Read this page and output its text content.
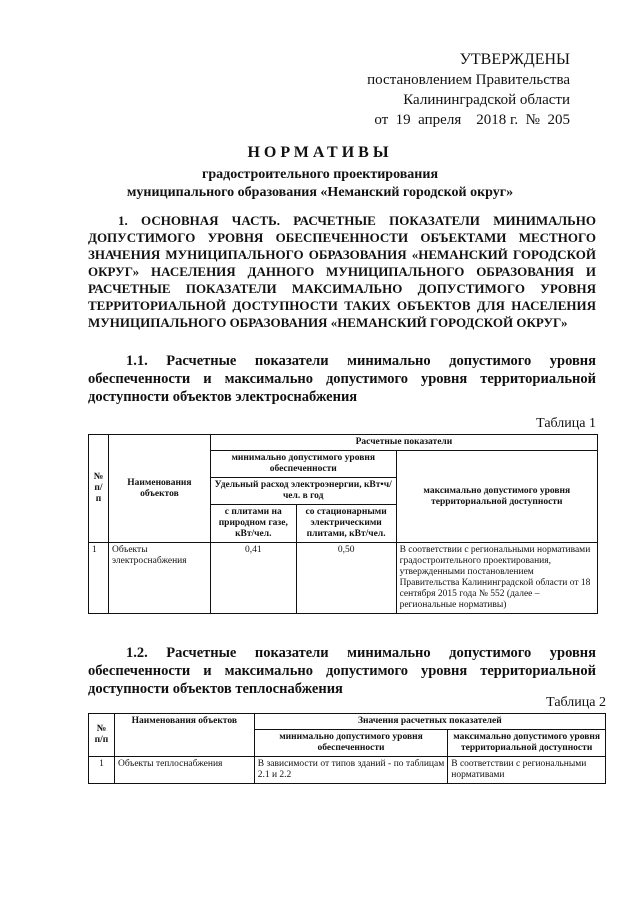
УТВЕРЖДЕНЫ
постановлением Правительства
Калининградской области
от  19  апреля    2018 г.  №  205
НОРМАТИВЫ
градостроительного проектирования
муниципального образования «Неманский городской округ»
1. ОСНОВНАЯ ЧАСТЬ. РАСЧЕТНЫЕ ПОКАЗАТЕЛИ МИНИМАЛЬНО ДОПУСТИМОГО УРОВНЯ ОБЕСПЕЧЕННОСТИ ОБЪЕКТАМИ МЕСТНОГО ЗНАЧЕНИЯ МУНИЦИПАЛЬНОГО ОБРАЗОВАНИЯ «НЕМАНСКИЙ ГОРОДСКОЙ ОКРУГ» НАСЕЛЕНИЯ ДАННОГО МУНИЦИПАЛЬНОГО ОБРАЗОВАНИЯ И РАСЧЕТНЫЕ ПОКАЗАТЕЛИ МАКСИМАЛЬНО ДОПУСТИМОГО УРОВНЯ ТЕРРИТОРИАЛЬНОЙ ДОСТУПНОСТИ ТАКИХ ОБЪЕКТОВ ДЛЯ НАСЕЛЕНИЯ МУНИЦИПАЛЬНОГО ОБРАЗОВАНИЯ «НЕМАНСКИЙ ГОРОДСКОЙ ОКРУГ»
1.1. Расчетные показатели минимально допустимого уровня обеспеченности и максимально допустимого уровня территориальной доступности объектов электроснабжения
Таблица 1
№ п/п	Наименования объектов	Расчетные показатели		
		минимально допустимого уровня обеспеченности		максимально допустимого уровня территориальной доступности
		Удельный расход электроэнергии, кВт•ч/чел. в год		
		с плитами на природном газе, кВт/чел.	со стационарными электрическими плитами, кВт/чел.	
1	Объекты электроснабжения	0,41	0,50	В соответствии с региональными нормативами градостроительного проектирования, утвержденными постановлением Правительства Калининградской области от 18 сентября 2015 года № 552 (далее – региональные нормативы)
1.2. Расчетные показатели минимально допустимого уровня обеспеченности и максимально допустимого уровня территориальной доступности объектов теплоснабжения
Таблица 2
№ п/п	Наименования объектов	Значения расчетных показателей	
		минимально допустимого уровня обеспеченности	максимально допустимого уровня территориальной доступности
1	Объекты теплоснабжения	В зависимости от типов зданий - по таблицам 2.1 и 2.2	В соответствии с региональными нормативами
